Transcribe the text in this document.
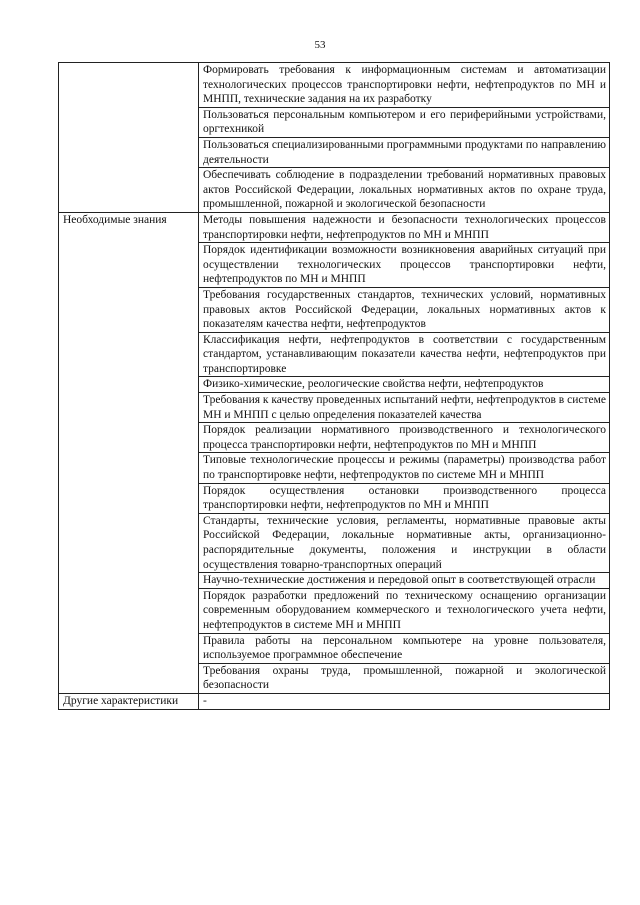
53
	Формировать требования к информационным системам и автоматизации технологических процессов транспортировки нефти, нефтепродуктов по МН и МНПП, технические задания на их разработку
	Пользоваться персональным компьютером и его периферийными устройствами, оргтехникой
	Пользоваться специализированными программными продуктами по направлению деятельности
	Обеспечивать соблюдение в подразделении требований нормативных правовых актов Российской Федерации, локальных нормативных актов по охране труда, промышленной, пожарной и экологической безопасности
Необходимые знания	Методы повышения надежности и безопасности технологических процессов транспортировки нефти, нефтепродуктов по МН и МНПП
	Порядок идентификации возможности возникновения аварийных ситуаций при осуществлении технологических процессов транспортировки нефти, нефтепродуктов по МН и МНПП
	Требования государственных стандартов, технических условий, нормативных правовых актов Российской Федерации, локальных нормативных актов к показателям качества нефти, нефтепродуктов
	Классификация нефти, нефтепродуктов в соответствии с государственным стандартом, устанавливающим показатели качества нефти, нефтепродуктов при транспортировке
	Физико-химические, реологические свойства нефти, нефтепродуктов
	Требования к качеству проведенных испытаний нефти, нефтепродуктов в системе МН и МНПП с целью определения показателей качества
	Порядок реализации нормативного производственного и технологического процесса транспортировки нефти, нефтепродуктов по МН и МНПП
	Типовые технологические процессы и режимы (параметры) производства работ по транспортировке нефти, нефтепродуктов по системе МН и МНПП
	Порядок осуществления остановки производственного процесса транспортировки нефти, нефтепродуктов по МН и МНПП
	Стандарты, технические условия, регламенты, нормативные правовые акты Российской Федерации, локальные нормативные акты, организационно-распорядительные документы, положения и инструкции в области осуществления товарно-транспортных операций
	Научно-технические достижения и передовой опыт в соответствующей отрасли
	Порядок разработки предложений по техническому оснащению организации современным оборудованием коммерческого и технологического учета нефти, нефтепродуктов в системе МН и МНПП
	Правила работы на персональном компьютере на уровне пользователя, используемое программное обеспечение
	Требования охраны труда, промышленной, пожарной и экологической безопасности
Другие характеристики	-
